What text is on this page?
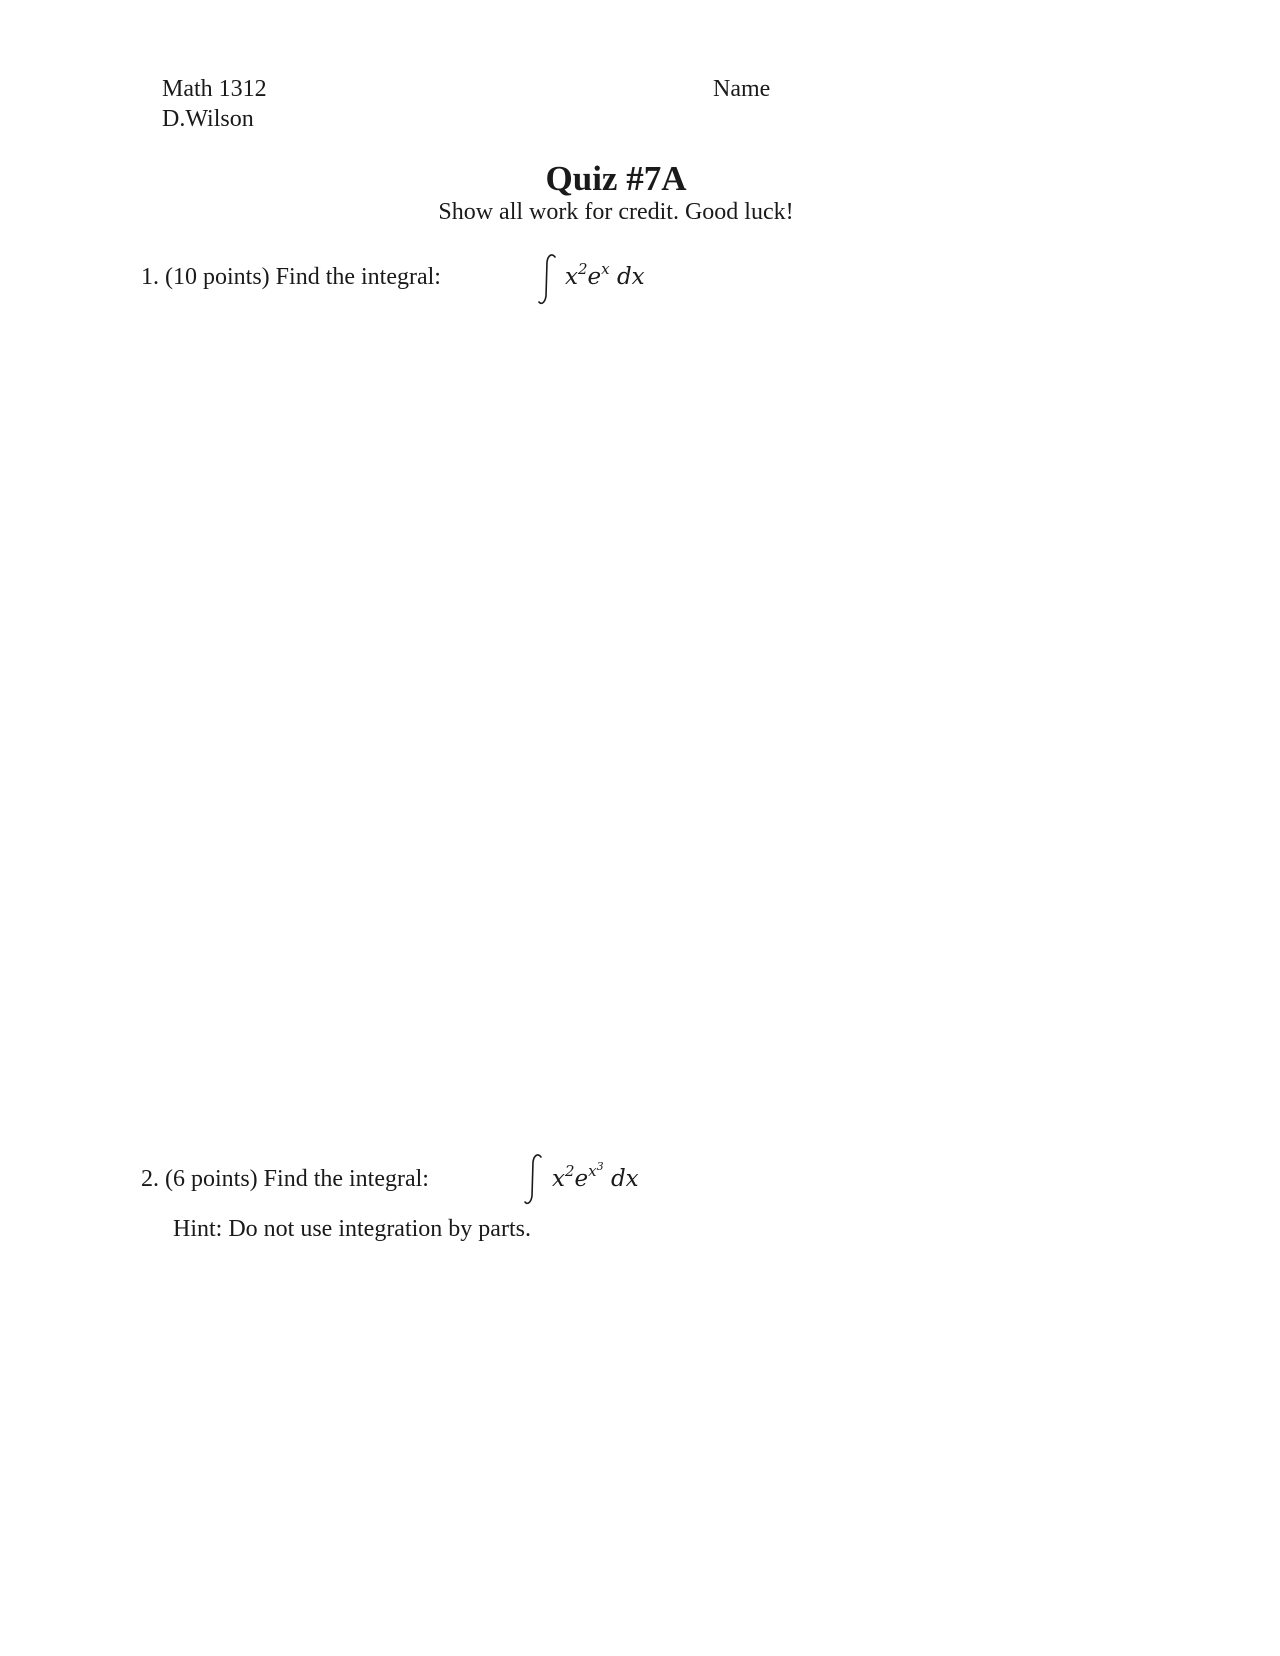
Math 1312
D.Wilson
Name
Quiz #7A
Show all work for credit. Good luck!
1. (10 points) Find the integral:	$x^2e^x$ dx
2. (6 points) Find the integral:	$x^2e^{x^3}$ dx
Hint: Do not use integration by parts.
